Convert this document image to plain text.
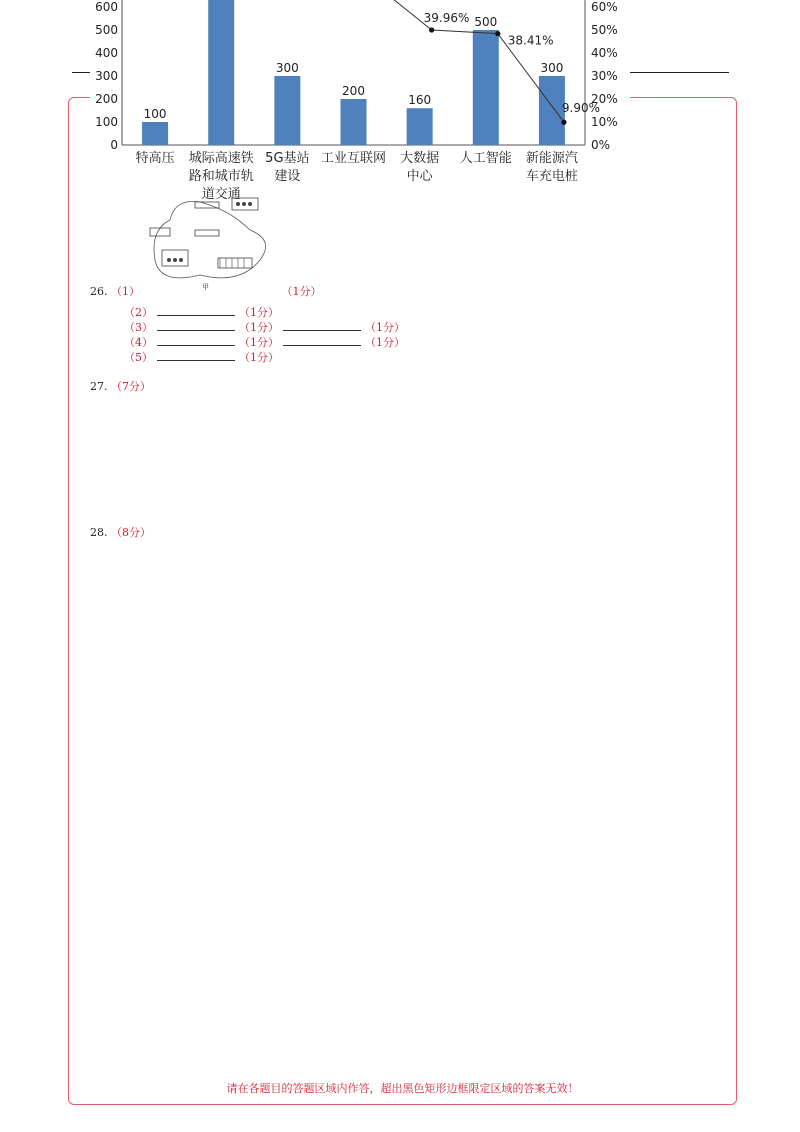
0
100
200
300
400
500
600
0%
10%
20%
30%
40%
50%
60%
100
特高压 城际高速铁
路和城市轨
道交通
300
5G基站
建设
200
工业互联网
160
大数据
中心
500
人工智能
300
新能源汽
车充电桩
39.96%
38.41%
9.90%
甲
26. （1）	（1分）
（2）	（1分）
（3）	（1分）	（1分）
（4）	（1分）	（1分）
（5）	（1分）
27. （7分）
28. （8分）
请在各题目的答题区域内作答，超出黑色矩形边框限定区域的答案无效！
